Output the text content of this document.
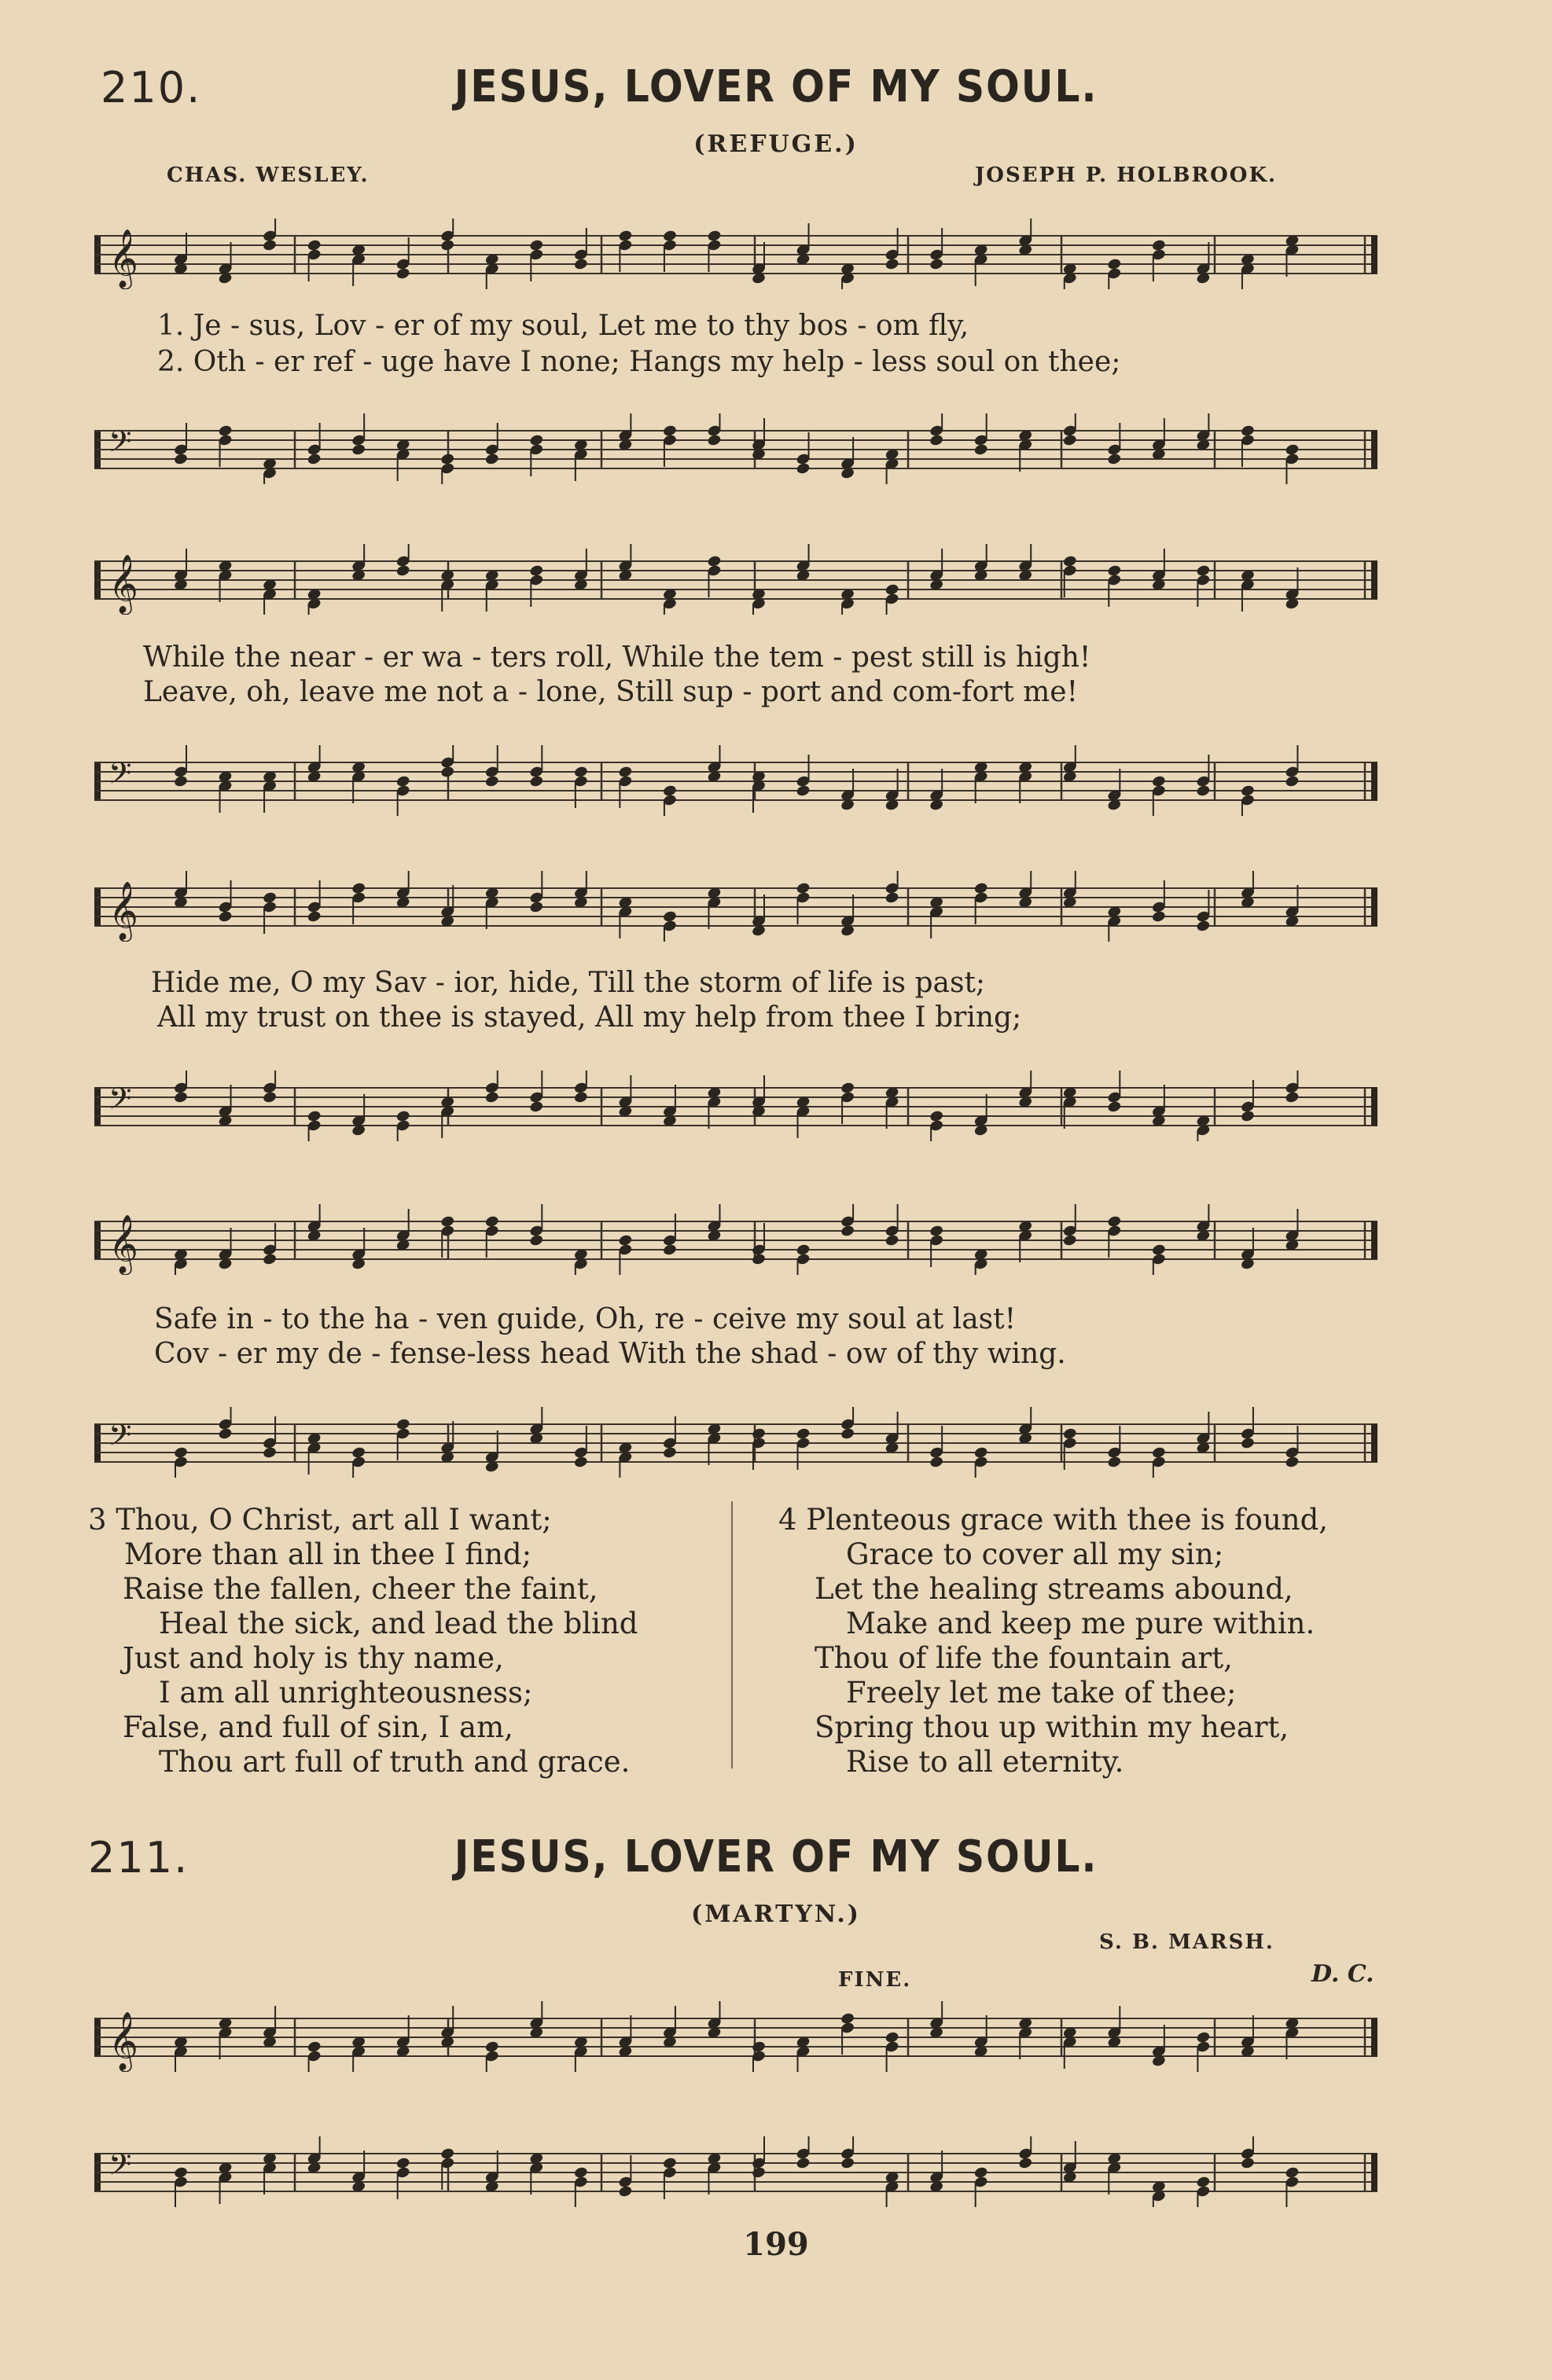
210.	JESUS, LOVER OF MY SOUL.
(REFUGE.)
CHAS. WESLEY.	JOSEPH P. HOLBROOK.
𝄞
1. Je - sus, Lov - er of my soul, Let me to thy bos - om fly,
2. Oth - er ref - uge have I none; Hangs my help - less soul on thee;
𝄢
𝄞
While the near - er wa - ters roll, While the tem - pest still is high!
Leave, oh, leave me not a - lone, Still sup - port and com-fort me!
𝄢
𝄞
Hide me, O my Sav - ior, hide, Till the storm of life is past;
All my trust on thee is stayed, All my help from thee I bring;
𝄢
𝄞
Safe in - to the ha - ven guide, Oh, re - ceive my soul at last!
Cov - er my de - fense-less head With the shad - ow of thy wing.
𝄢
3 Thou, O Christ, art all I want;
More than all in thee I find;
Raise the fallen, cheer the faint,
Heal the sick, and lead the blind
Just and holy is thy name,
I am all unrighteousness;
False, and full of sin, I am,
Thou art full of truth and grace.
4 Plenteous grace with thee is found,
Grace to cover all my sin;
Let the healing streams abound,
Make and keep me pure within.
Thou of life the fountain art,
Freely let me take of thee;
Spring thou up within my heart,
Rise to all eternity.
211.	JESUS, LOVER OF MY SOUL.
(MARTYN.)
S. B. MARSH.
FINE.	D. C.
𝄞
𝄢
199
